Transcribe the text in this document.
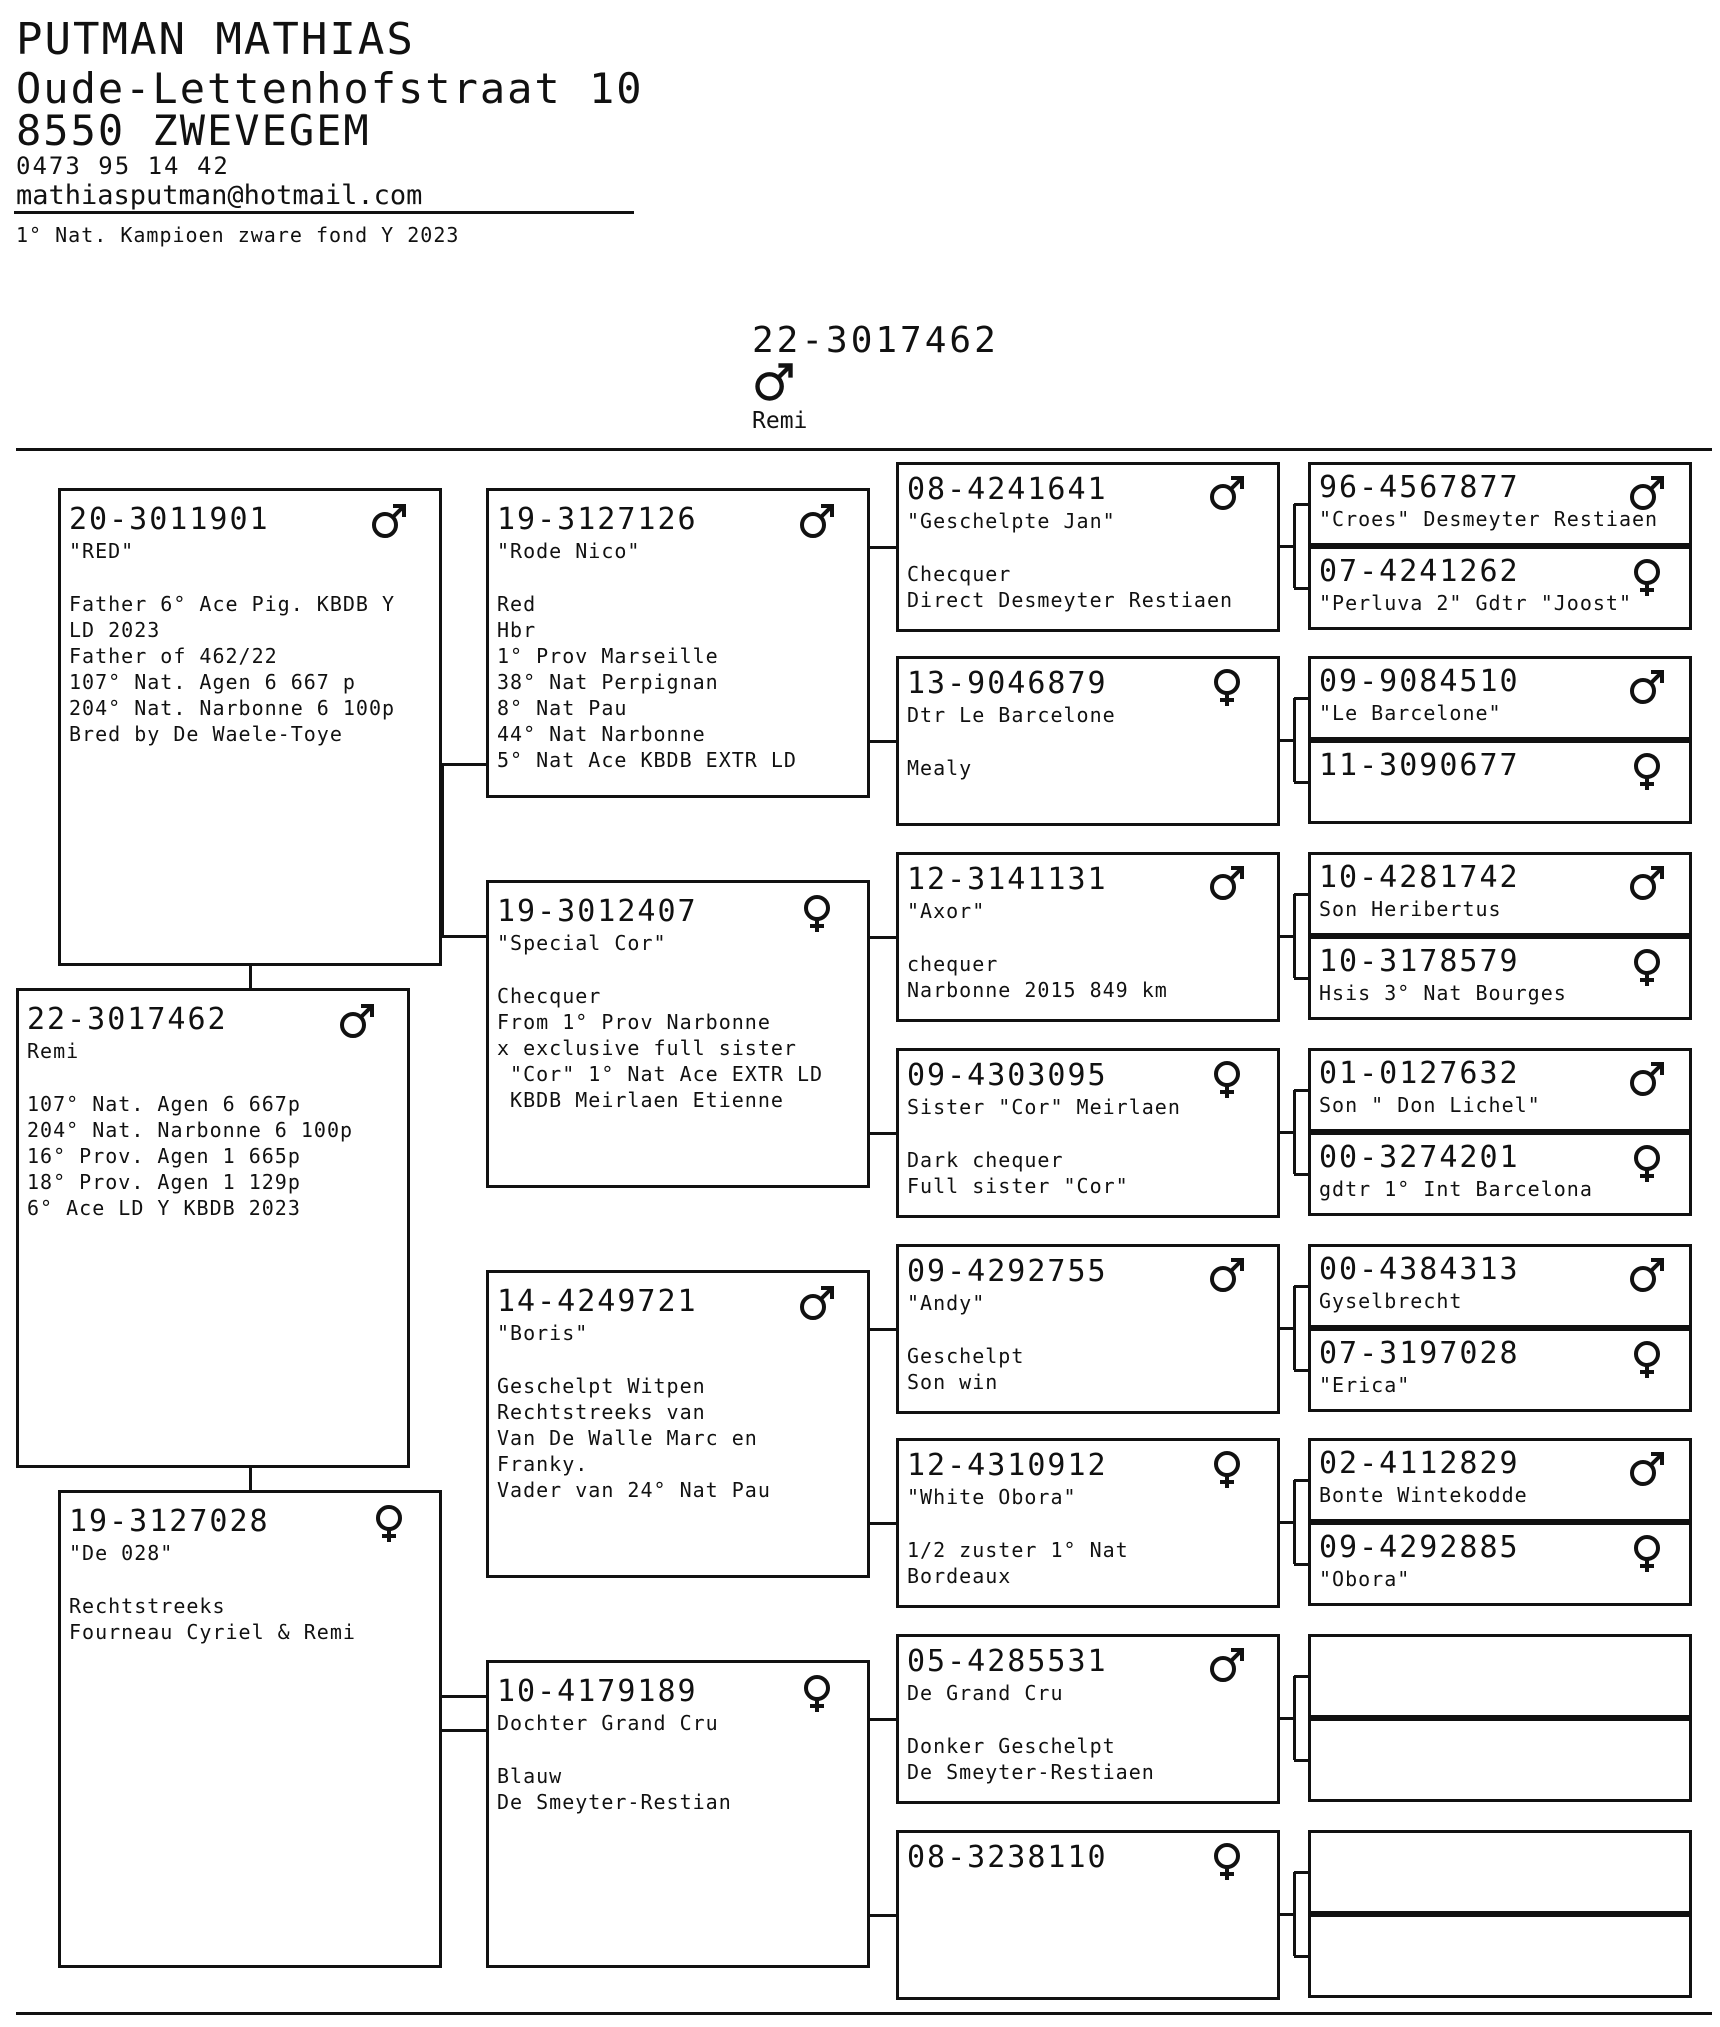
PUTMAN MATHIAS
Oude-Lettenhofstraat 10
8550 ZWEVEGEM
0473 95 14 42
mathiasputman@hotmail.com
1° Nat. Kampioen zware fond Y 2023
22-3017462
Remi
20-3011901
"RED"
Father 6° Ace Pig. KBDB Y
LD 2023
Father of 462/22
107° Nat. Agen 6 667 p
204° Nat. Narbonne 6 100p
Bred by De Waele-Toye
22-3017462
Remi
107° Nat. Agen 6 667p
204° Nat. Narbonne 6 100p
16° Prov. Agen 1 665p
18° Prov. Agen 1 129p
6° Ace LD Y KBDB 2023
19-3127028
"De 028"
Rechtstreeks
Fourneau Cyriel & Remi
19-3127126
"Rode Nico"
Red
Hbr
1° Prov Marseille
38° Nat Perpignan
8° Nat Pau
44° Nat Narbonne
5° Nat Ace KBDB EXTR LD
19-3012407
"Special Cor"
Checquer
From 1° Prov Narbonne
x exclusive full sister
"Cor" 1° Nat Ace EXTR LD
KBDB Meirlaen Etienne
14-4249721
"Boris"
Geschelpt Witpen
Rechtstreeks van
Van De Walle Marc en
Franky.
Vader van 24° Nat Pau
10-4179189
Dochter Grand Cru
Blauw
De Smeyter-Restian
08-4241641
"Geschelpte Jan"
Checquer
Direct Desmeyter Restiaen
13-9046879
Dtr Le Barcelone
Mealy
12-3141131
"Axor"
chequer
Narbonne 2015 849 km
09-4303095
Sister "Cor" Meirlaen
Dark chequer
Full sister "Cor"
09-4292755
"Andy"
Geschelpt
Son win
12-4310912
"White Obora"
1/2 zuster 1° Nat
Bordeaux
05-4285531
De Grand Cru
Donker Geschelpt
De Smeyter-Restiaen
08-3238110
96-4567877
"Croes" Desmeyter Restiaen
07-4241262
"Perluva 2" Gdtr "Joost"
09-9084510
"Le Barcelone"
11-3090677
10-4281742
Son Heribertus
10-3178579
Hsis 3° Nat Bourges
01-0127632
Son " Don Lichel"
00-3274201
gdtr 1° Int Barcelona
00-4384313
Gyselbrecht
07-3197028
"Erica"
02-4112829
Bonte Wintekodde
09-4292885
"Obora"
